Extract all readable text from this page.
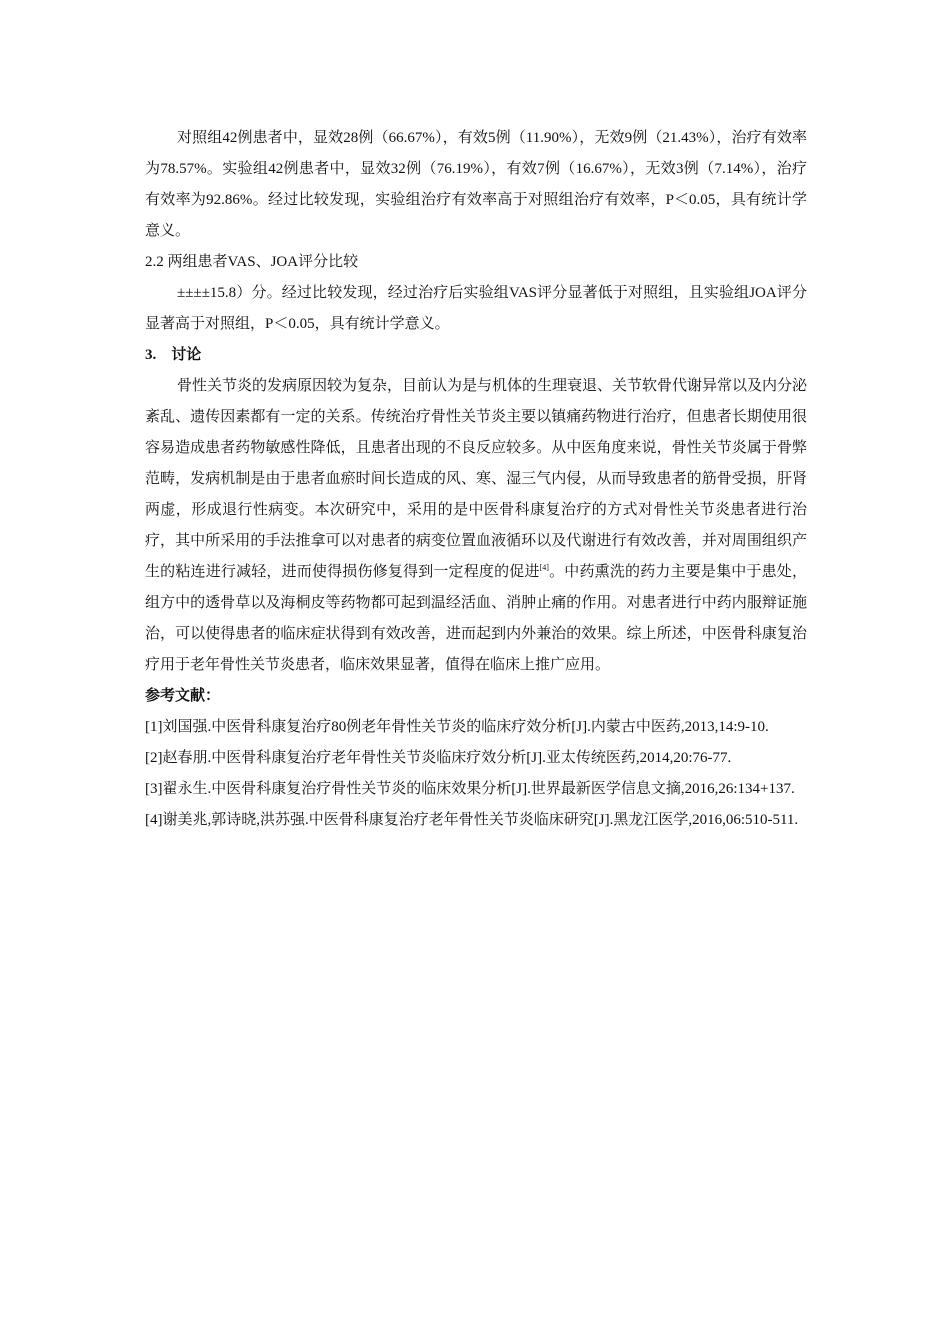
对照组42例患者中，显效28例（66.67%），有效5例（11.90%），无效9例（21.43%），治疗有效率为78.57%。实验组42例患者中，显效32例（76.19%），有效7例（16.67%），无效3例（7.14%），治疗有效率为92.86%。经过比较发现，实验组治疗有效率高于对照组治疗有效率，P＜0.05，具有统计学意义。

2.2 两组患者VAS、JOA评分比较

±±±±15.8）分。经过比较发现，经过治疗后实验组VAS评分显著低于对照组，且实验组JOA评分显著高于对照组，P＜0.05，具有统计学意义。

3.　讨论

骨性关节炎的发病原因较为复杂，目前认为是与机体的生理衰退、关节软骨代谢异常以及内分泌紊乱、遗传因素都有一定的关系。传统治疗骨性关节炎主要以镇痛药物进行治疗，但患者长期使用很容易造成患者药物敏感性降低，且患者出现的不良反应较多。从中医角度来说，骨性关节炎属于骨弊范畴，发病机制是由于患者血瘀时间长造成的风、寒、湿三气内侵，从而导致患者的筋骨受损，肝肾两虚，形成退行性病变。本次研究中，采用的是中医骨科康复治疗的方式对骨性关节炎患者进行治疗，其中所采用的手法推拿可以对患者的病变位置血液循环以及代谢进行有效改善，并对周围组织产生的粘连进行减轻，进而使得损伤修复得到一定程度的促进[4]。中药熏洗的药力主要是集中于患处，组方中的透骨草以及海桐皮等药物都可起到温经活血、消肿止痛的作用。对患者进行中药内服辩证施治，可以使得患者的临床症状得到有效改善，进而起到内外兼治的效果。综上所述，中医骨科康复治疗用于老年骨性关节炎患者，临床效果显著，值得在临床上推广应用。

参考文献：

[1]刘国强.中医骨科康复治疗80例老年骨性关节炎的临床疗效分析[J].内蒙古中医药,2013,14:9-10.

[2]赵春朋.中医骨科康复治疗老年骨性关节炎临床疗效分析[J].亚太传统医药,2014,20:76-77.

[3]翟永生.中医骨科康复治疗骨性关节炎的临床效果分析[J].世界最新医学信息文摘,2016,26:134+137.

[4]谢美兆,郭诗晓,洪苏强.中医骨科康复治疗老年骨性关节炎临床研究[J].黑龙江医学,2016,06:510-511.
